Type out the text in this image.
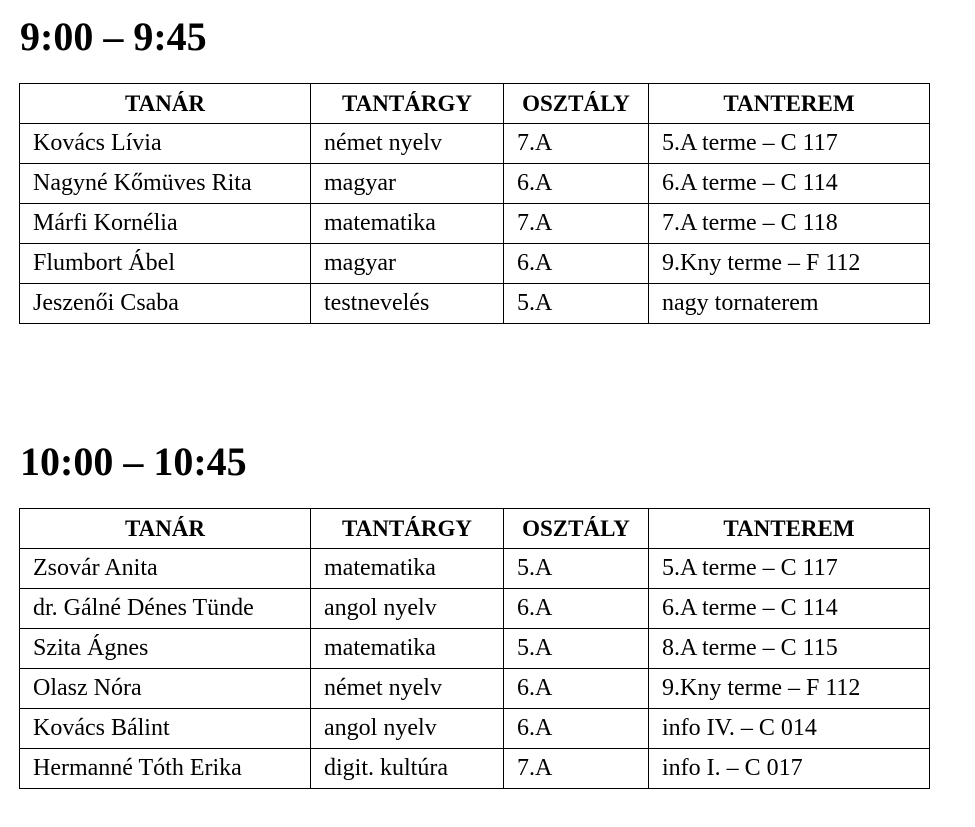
9:00 – 9:45
TANÁR	TANTÁRGY	OSZTÁLY	TANTEREM
Kovács Lívia	német nyelv	7.A	5.A terme – C 117
Nagyné Kőmüves Rita	magyar	6.A	6.A terme – C 114
Márfi Kornélia	matematika	7.A	7.A terme – C 118
Flumbort Ábel	magyar	6.A	9.Kny terme – F 112
Jeszenői Csaba	testnevelés	5.A	nagy tornaterem
10:00 – 10:45
TANÁR	TANTÁRGY	OSZTÁLY	TANTEREM
Zsovár Anita	matematika	5.A	5.A terme – C 117
dr. Gálné Dénes Tünde	angol nyelv	6.A	6.A terme – C 114
Szita Ágnes	matematika	5.A	8.A terme – C 115
Olasz Nóra	német nyelv	6.A	9.Kny terme – F 112
Kovács Bálint	angol nyelv	6.A	info IV. – C 014
Hermanné Tóth Erika	digit. kultúra	7.A	info I. – C 017
